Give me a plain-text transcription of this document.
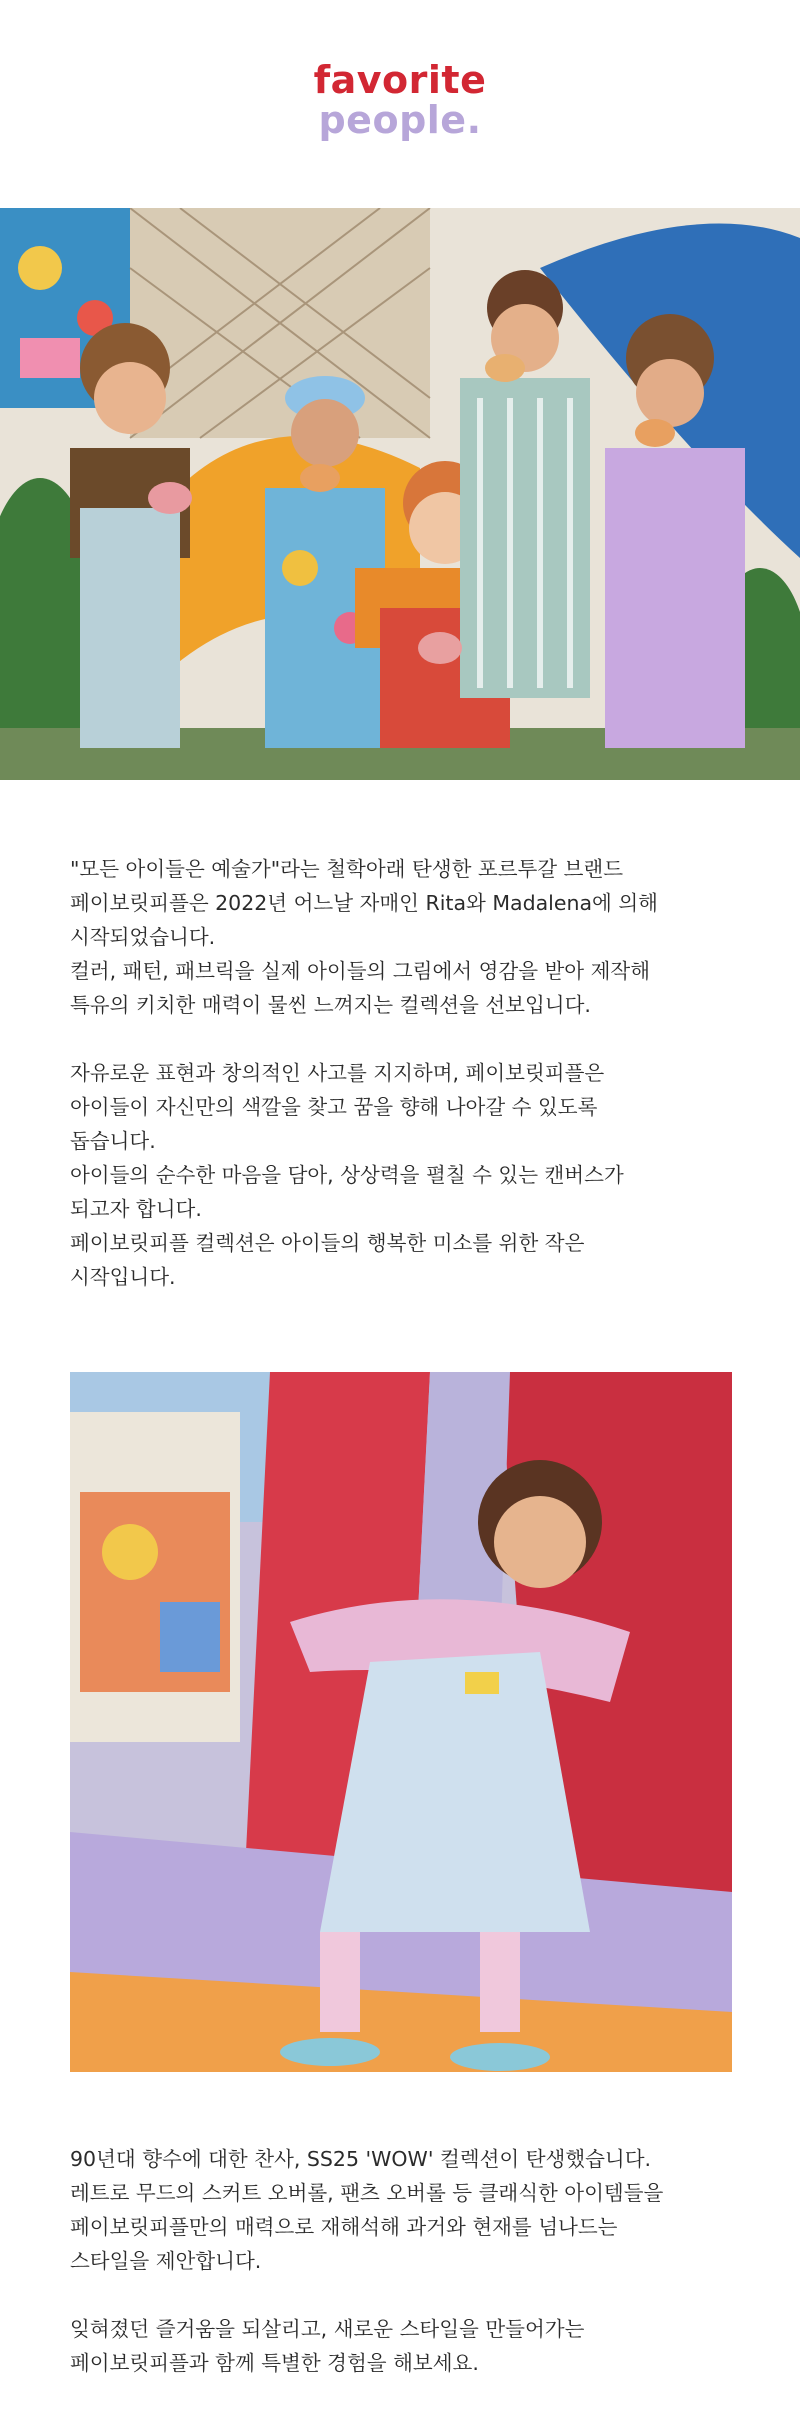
favorite
people.

"모든 아이들은 예술가"라는 철학아래 탄생한 포르투갈 브랜드

페이보릿피플은 2022년 어느날 자매인 Rita와 Madalena에 의해

시작되었습니다.

컬러, 패턴, 패브릭을 실제 아이들의 그림에서 영감을 받아 제작해

특유의 키치한 매력이 물씬 느껴지는 컬렉션을 선보입니다.

자유로운 표현과 창의적인 사고를 지지하며, 페이보릿피플은

아이들이 자신만의 색깔을 찾고 꿈을 향해 나아갈 수 있도록

돕습니다.

아이들의 순수한 마음을 담아, 상상력을 펼칠 수 있는 캔버스가

되고자 합니다.

페이보릿피플 컬렉션은 아이들의 행복한 미소를 위한 작은

시작입니다.

90년대 향수에 대한 찬사, SS25 'WOW' 컬렉션이 탄생했습니다.

레트로 무드의 스커트 오버롤, 팬츠 오버롤 등 클래식한 아이템들을

페이보릿피플만의 매력으로 재해석해 과거와 현재를 넘나드는

스타일을 제안합니다.

잊혀졌던 즐거움을 되살리고, 새로운 스타일을 만들어가는

페이보릿피플과 함께 특별한 경험을 해보세요.
